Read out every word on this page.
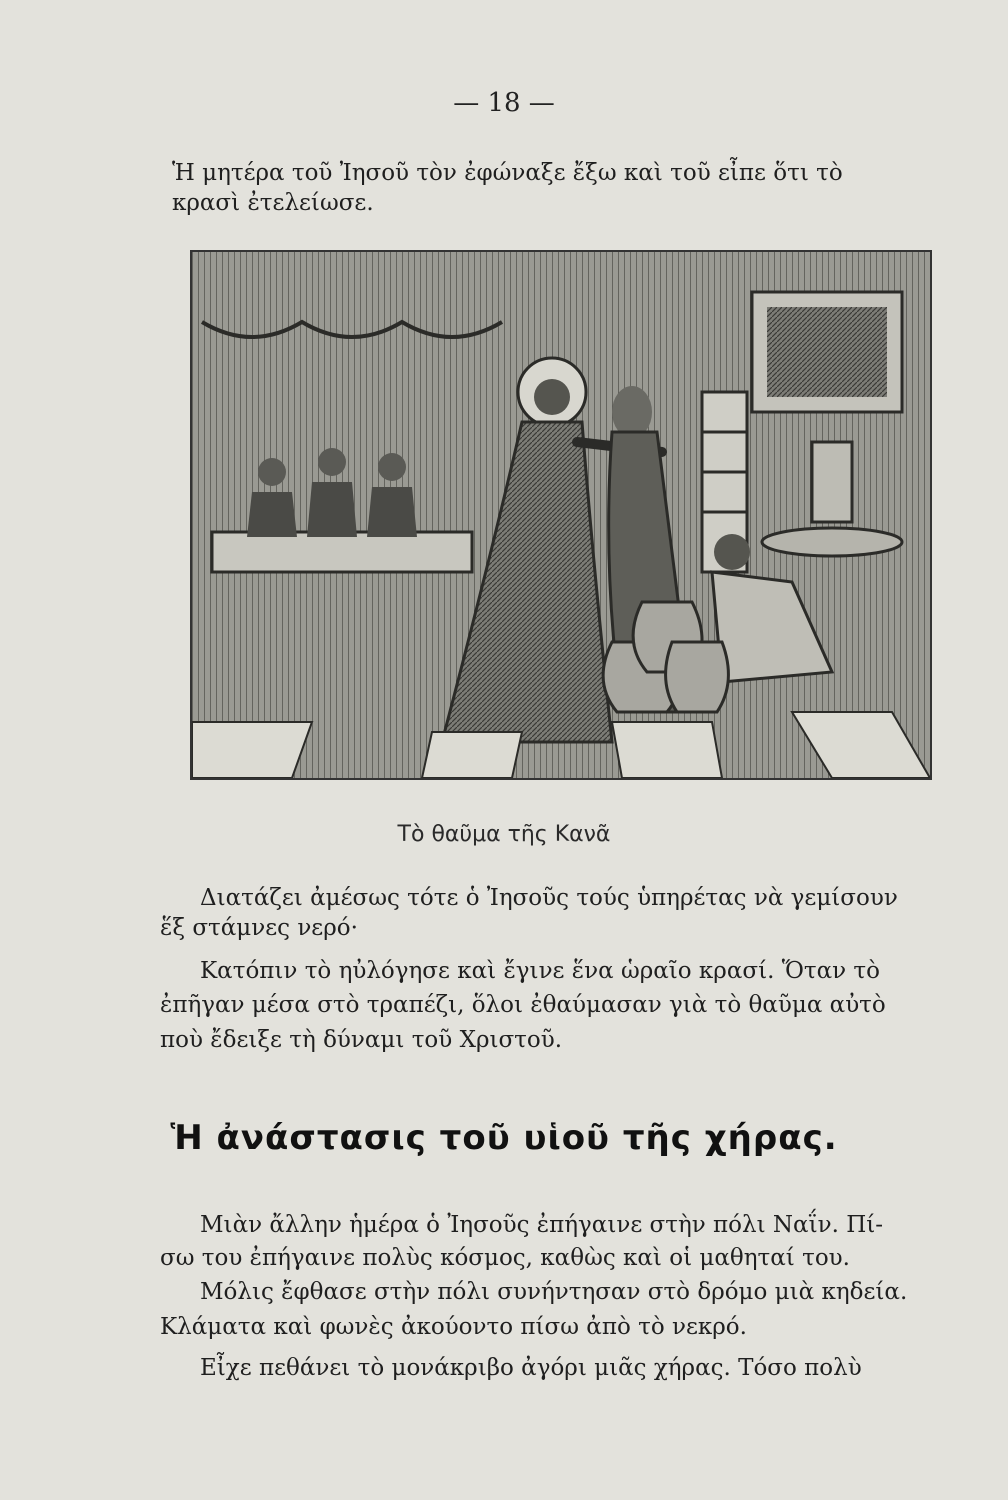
— 18 —
Ἡ μητέρα τοῦ Ἰησοῦ τὸν ἐφώναξε ἔξω καὶ τοῦ εἶπε ὅτι τὸ
κρασὶ ἐτελείωσε.
Τὸ θαῦμα τῆς Κανᾶ
Διατάζει ἀμέσως τότε ὁ Ἰησοῦς τούς ὑπηρέτας νὰ γεμίσουν
ἕξ στάμνες νερό·
Κατόπιν τὸ ηὐλόγησε καὶ ἔγινε ἕνα ὡραῖο κρασί. Ὅταν τὸ
ἐπῆγαν μέσα στὸ τραπέζι, ὅλοι ἐθαύμασαν γιὰ τὸ θαῦμα αὐτὸ
ποὺ ἔδειξε τὴ δύναμι τοῦ Χριστοῦ.
Ἡ ἀνάστασις τοῦ υἱοῦ τῆς χήρας.
Μιὰν ἄλλην ἡμέρα ὁ Ἰησοῦς ἐπήγαινε στὴν πόλι Ναΐν. Πί-
σω του ἐπήγαινε πολὺς κόσμος, καθὼς καὶ οἱ μαθηταί του.
Μόλις ἔφθασε στὴν πόλι συνήντησαν στὸ δρόμο μιὰ κηδεία.
Κλάματα καὶ φωνὲς ἀκούοντο πίσω ἀπὸ τὸ νεκρό.
Εἶχε πεθάνει τὸ μονάκριβο ἀγόρι μιᾶς χήρας. Τόσο πολὺ
